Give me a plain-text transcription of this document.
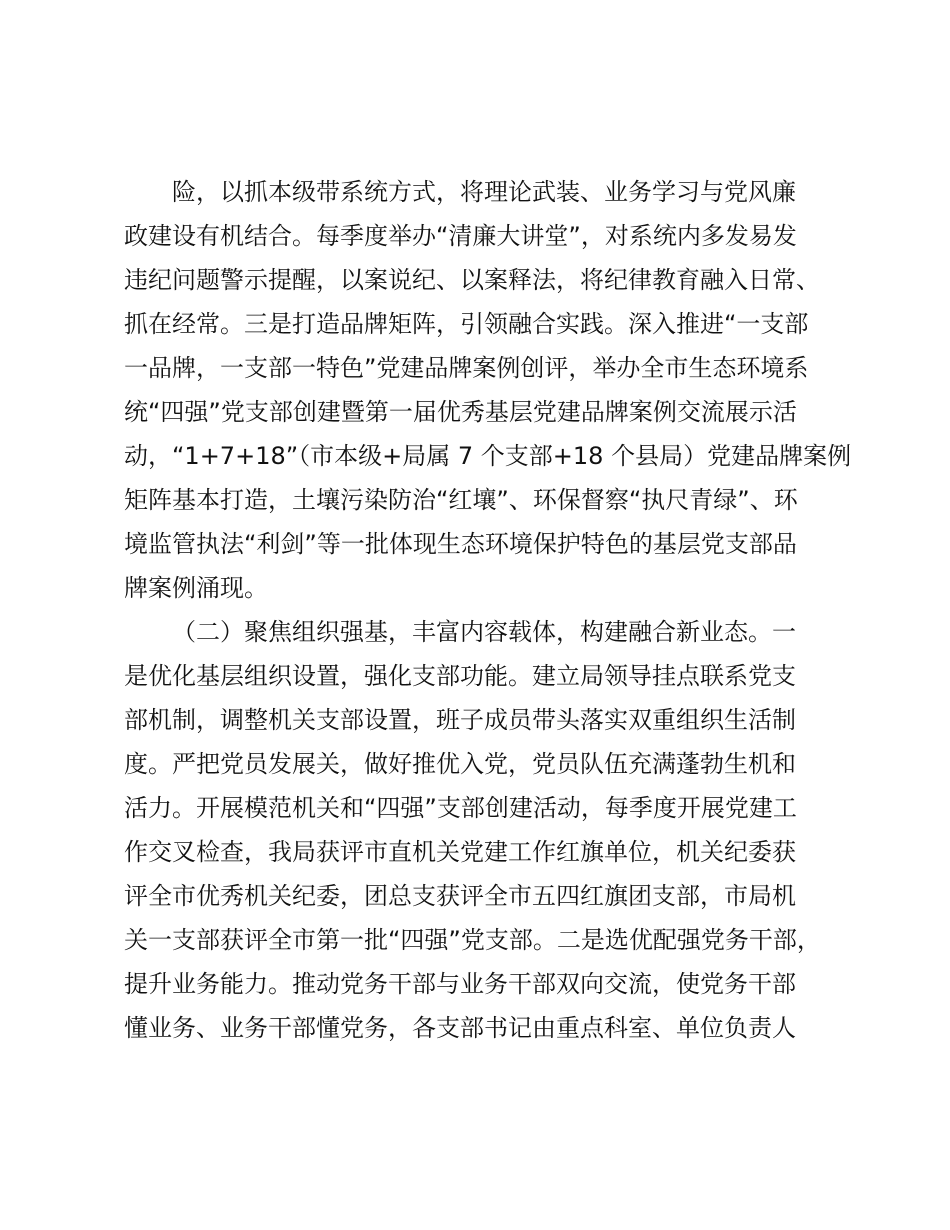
险，以抓本级带系统方式，将理论武装、业务学习与党风廉
政建设有机结合。每季度举办“清廉大讲堂”，对系统内多发易发
违纪问题警示提醒，以案说纪、以案释法，将纪律教育融入日常、
抓在经常。三是打造品牌矩阵，引领融合实践。深入推进“一支部
一品牌，一支部一特色”党建品牌案例创评，举办全市生态环境系
统“四强”党支部创建暨第一届优秀基层党建品牌案例交流展示活
动，“1+7+18”（市本级+局属 7 个支部+18 个县局）党建品牌案例
矩阵基本打造，土壤污染防治“红壤”、环保督察“执尺青绿”、环
境监管执法“利剑”等一批体现生态环境保护特色的基层党支部品
牌案例涌现。
（二）聚焦组织强基，丰富内容载体，构建融合新业态。一
是优化基层组织设置，强化支部功能。建立局领导挂点联系党支
部机制，调整机关支部设置，班子成员带头落实双重组织生活制
度。严把党员发展关，做好推优入党，党员队伍充满蓬勃生机和
活力。开展模范机关和“四强”支部创建活动，每季度开展党建工
作交叉检查，我局获评市直机关党建工作红旗单位，机关纪委获
评全市优秀机关纪委，团总支获评全市五四红旗团支部，市局机
关一支部获评全市第一批“四强”党支部。二是选优配强党务干部，
提升业务能力。推动党务干部与业务干部双向交流，使党务干部
懂业务、业务干部懂党务，各支部书记由重点科室、单位负责人
